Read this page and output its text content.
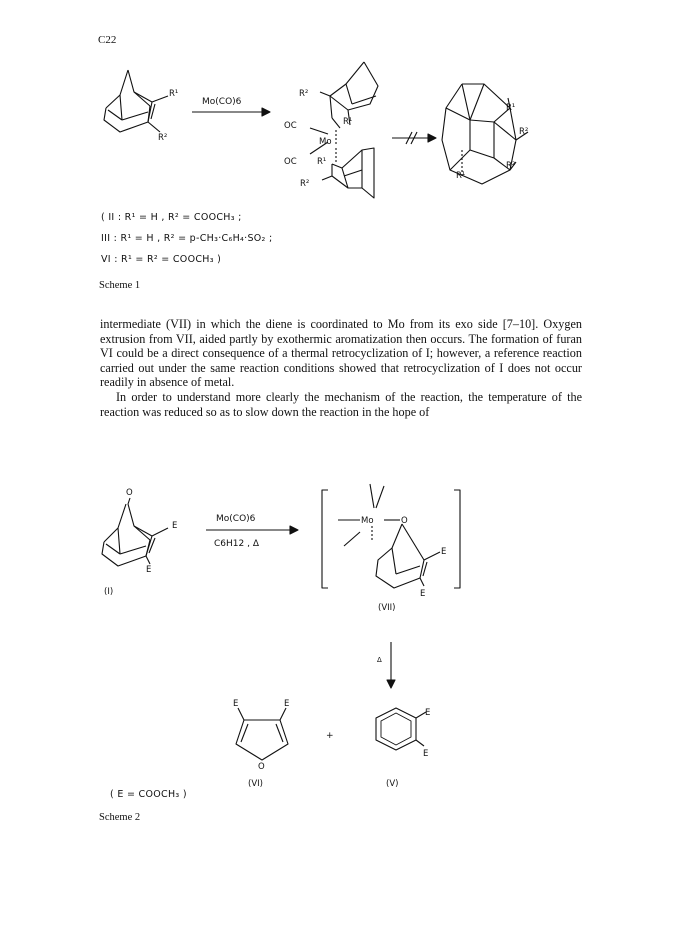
C22
R¹
R²
Mo(CO)6
R²
R¹
OC
Mo
OC R¹
R²
R¹
R²
R²
R¹
( II : R¹ = H , R² = COOCH₃ ;
III : R¹ = H , R² = p-CH₃·C₆H₄·SO₂ ;
VI : R¹ = R² = COOCH₃ )
Scheme 1

intermediate (VII) in which the diene is coordinated to Mo from its exo side [7–10]. Oxygen extrusion from VII, aided partly by exothermic aromatization then occurs. The formation of furan VI could be a direct consequence of a thermal retrocyclization of I; however, a reference reaction carried out under the same reaction conditions showed that retrocyclization of I does not occur readily in absence of metal.

In order to understand more clearly the mechanism of the reaction, the temperature of the reaction was reduced so as to slow down the reaction in the hope of

O
E
E
(I)
Mo(CO)6
C6H12 , Δ
Mo	O
E
E
(VII)
Δ
E	E
O
(VI)
+
E
E
(V)
( E = COOCH₃ )
Scheme 2
